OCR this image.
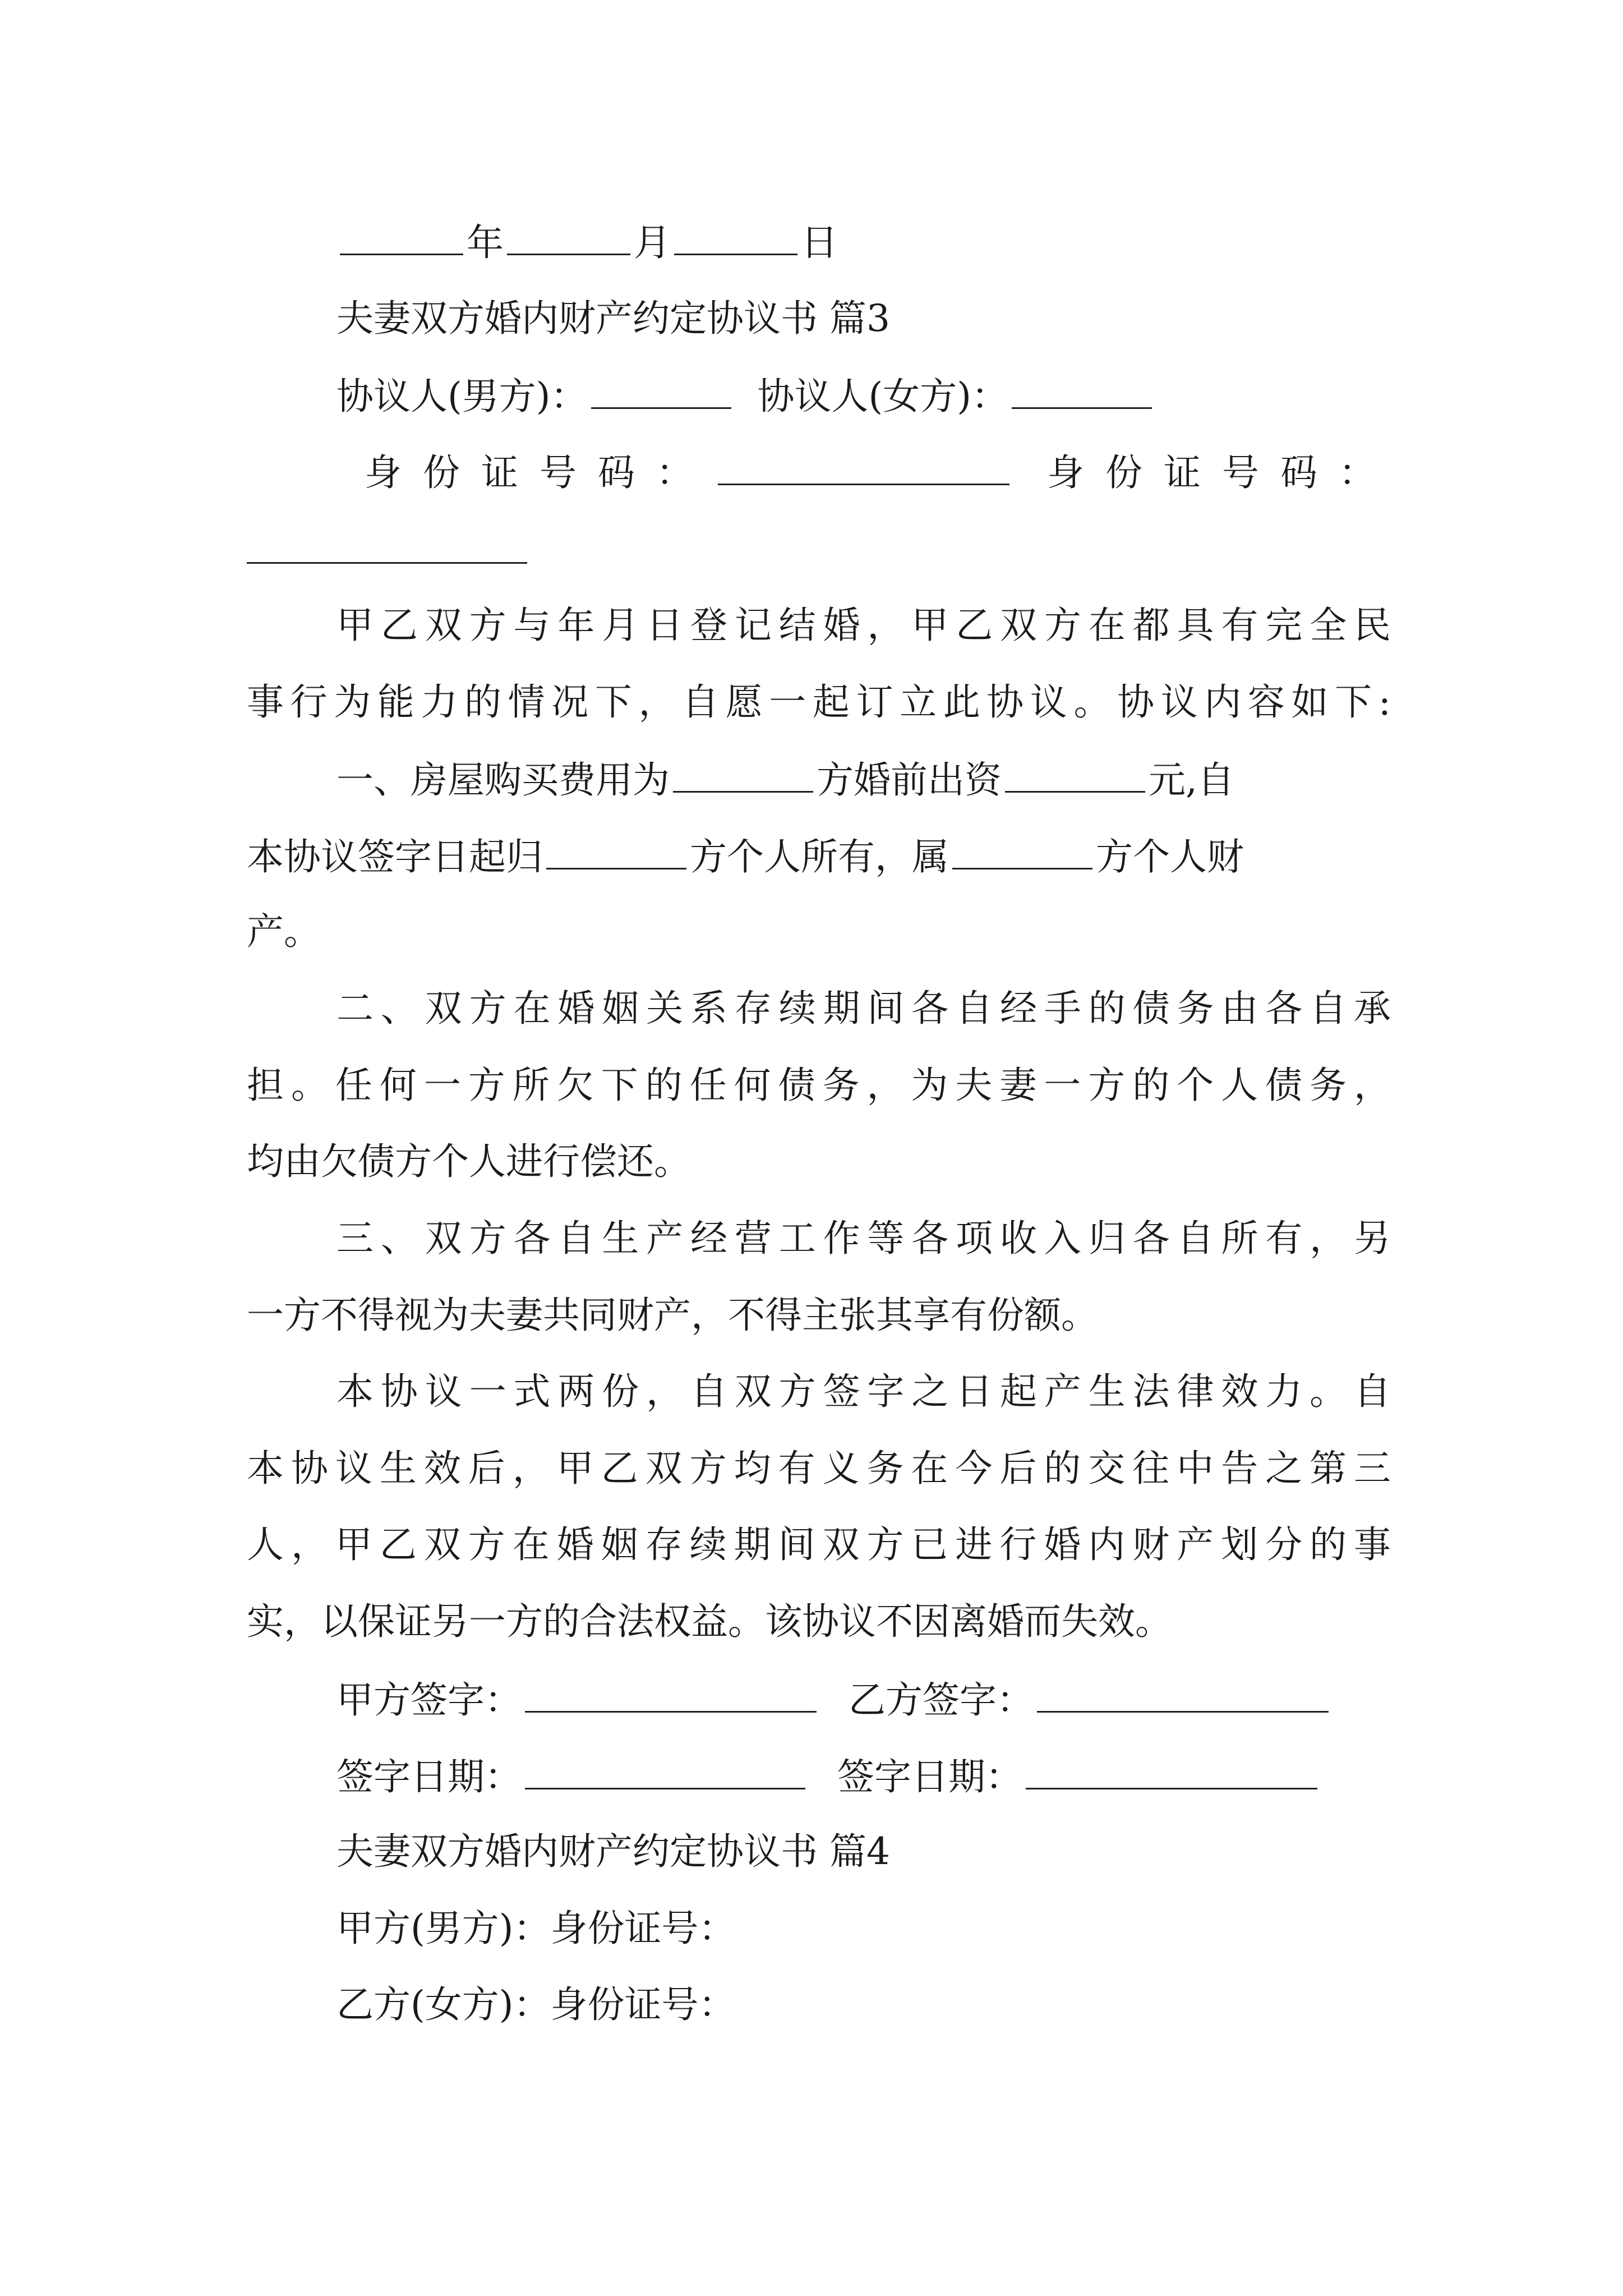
年	月	日
夫妻双方婚内财产约定协议书 篇3
协议人(男方)：	协议人(女方)：
身份证号码：	身份证号码：
甲乙双方与年月日登记结婚，甲乙双方在都具有完全民
事行为能力的情况下，自愿一起订立此协议。协议内容如下:
一、房屋购买费用为	方婚前出资	元,自
本协议签字日起归	方个人所有，属	方个人财
产。
二、双方在婚姻关系存续期间各自经手的债务由各自承
担。任何一方所欠下的任何债务，为夫妻一方的个人债务，
均由欠债方个人进行偿还。
三、双方各自生产经营工作等各项收入归各自所有，另
一方不得视为夫妻共同财产，不得主张其享有份额。
本协议一式两份，自双方签字之日起产生法律效力。自
本协议生效后，甲乙双方均有义务在今后的交往中告之第三
人，甲乙双方在婚姻存续期间双方已进行婚内财产划分的事
实，以保证另一方的合法权益。该协议不因离婚而失效。
甲方签字：	乙方签字：
签字日期：	签字日期：
夫妻双方婚内财产约定协议书 篇4
甲方(男方)：身份证号：
乙方(女方)：身份证号：
